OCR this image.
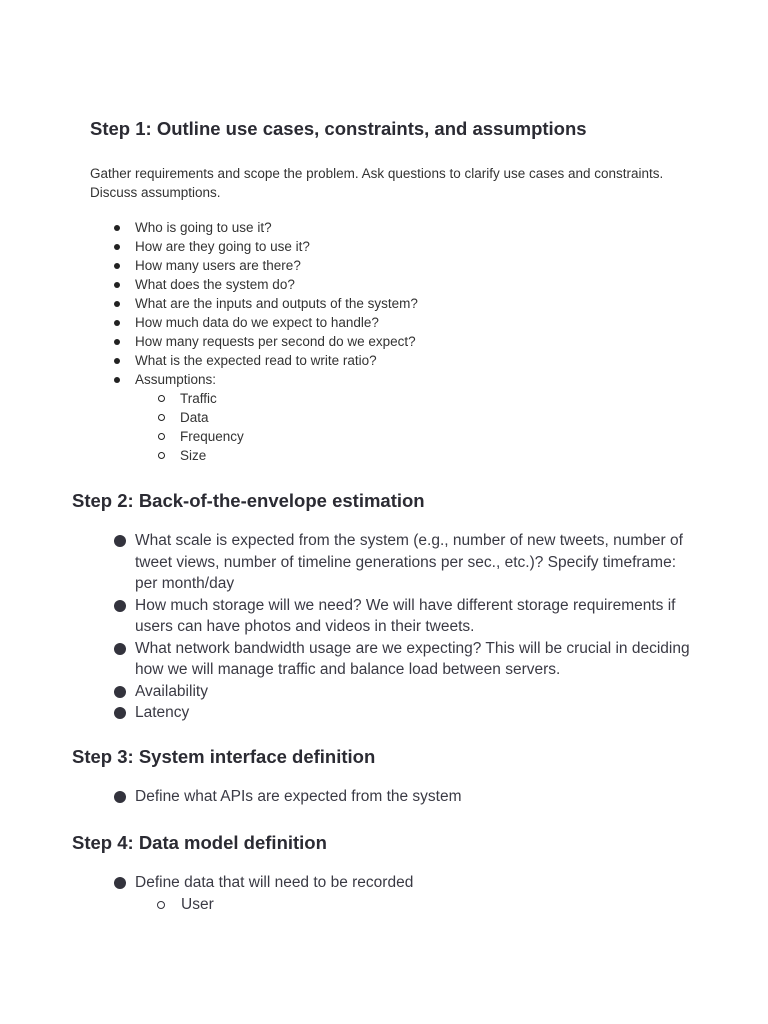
Step 1: Outline use cases, constraints, and assumptions

Gather requirements and scope the problem. Ask questions to clarify use cases and constraints. Discuss assumptions.

Who is going to use it?
How are they going to use it?
How many users are there?
What does the system do?
What are the inputs and outputs of the system?
How much data do we expect to handle?
How many requests per second do we expect?
What is the expected read to write ratio?
Assumptions:
Traffic
Data
Frequency
Size
Step 2: Back-of-the-envelope estimation
What scale is expected from the system (e.g., number of new tweets, number of tweet views, number of timeline generations per sec., etc.)? Specify timeframe: per month/day
How much storage will we need? We will have different storage requirements if users can have photos and videos in their tweets.
What network bandwidth usage are we expecting? This will be crucial in deciding how we will manage traffic and balance load between servers.
Availability
Latency
Step 3: System interface definition
Define what APIs are expected from the system
Step 4: Data model definition
Define data that will need to be recorded
User
